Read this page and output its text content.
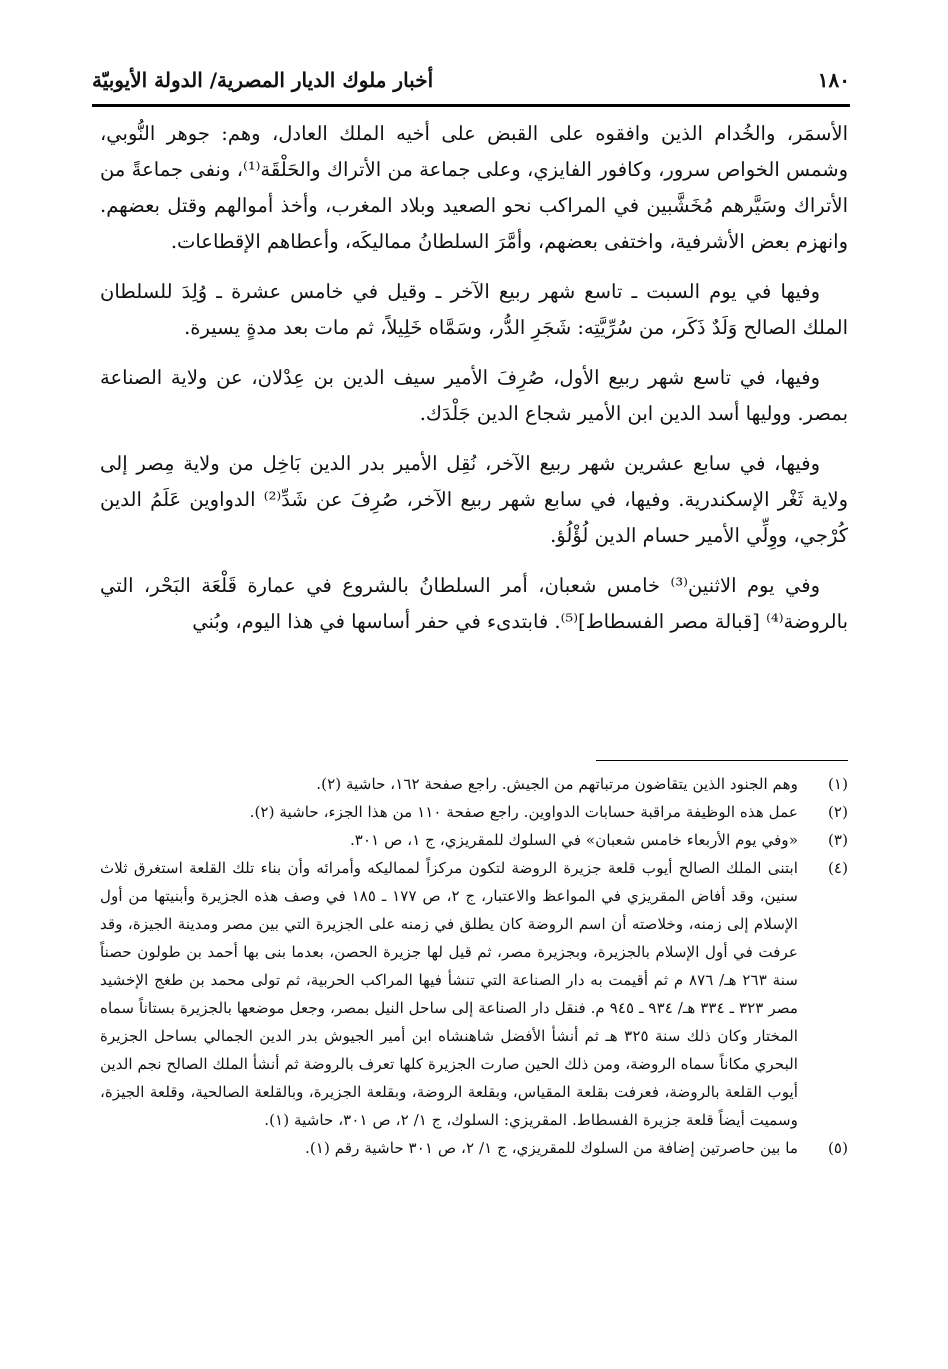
١٨٠
أخبار ملوك الديار المصرية/ الدولة الأيوبيّة

الأسمَر، والخُدام الذين وافقوه على القبض على أخيه الملك العادل، وهم: جوهر النُّوبي، وشمس الخواص سرور، وكافور الفايزي، وعلى جماعة من الأتراك والحَلْقَة⁽¹⁾، ونفى جماعةً من الأتراك وسَيَّرهم مُخَشَّبين في المراكب نحو الصعيد وبلاد المغرب، وأخذ أموالهم وقتل بعضهم. وانهزم بعض الأشرفية، واختفى بعضهم، وأمَّرَ السلطانُ مماليكَه، وأعطاهم الإقطاعات.

وفيها في يوم السبت ـ تاسع شهر ربيع الآخر ـ وقيل في خامس عشرة ـ وُلِدَ للسلطان الملك الصالح وَلَدٌ ذَكَر، من سُرِّيَّتِه: شَجَرِ الدُّر، وسَمَّاه خَلِيلاً، ثم مات بعد مدةٍ يسيرة.

وفيها، في تاسع شهر ربيع الأول، صُرِفَ الأمير سيف الدين بن عِدْلان، عن ولاية الصناعة بمصر. ووليها أسد الدين ابن الأمير شجاع الدين جَلْدَك.

وفيها، في سابع عشرين شهر ربيع الآخر، نُقِل الأمير بدر الدين بَاخِل من ولاية مِصر إلى ولاية ثَغْر الإسكندرية. وفيها، في سابع شهر ربيع الآخر، صُرِفَ عن شَدِّ⁽²⁾ الدواوين عَلَمُ الدين كُرْجي، ووِلِّي الأمير حسام الدين لُؤْلُؤ.

وفي يوم الاثنين⁽³⁾ خامس شعبان، أمر السلطانُ بالشروع في عمارة قَلْعَة البَحْر، التي بالروضة⁽⁴⁾ [قبالة مصر الفسطاط]⁽⁵⁾. فابتدىء في حفر أساسها في هذا اليوم، وبُني

(١)
وهم الجنود الذين يتقاضون مرتباتهم من الجيش. راجع صفحة ١٦٢، حاشية (٢).
(٢)
عمل هذه الوظيفة مراقبة حسابات الدواوين. راجع صفحة ١١٠ من هذا الجزء، حاشية (٢).
(٣)
«وفي يوم الأربعاء خامس شعبان» في السلوك للمقريزي، ج ١، ص ٣٠١.
(٤)
ابتنى الملك الصالح أيوب قلعة جزيرة الروضة لتكون مركزاً لمماليكه وأمرائه وأن بناء تلك القلعة استغرق ثلاث سنين، وقد أفاض المقريزي في المواعظ والاعتبار، ج ٢، ص ١٧٧ ـ ١٨٥ في وصف هذه الجزيرة وأبنيتها من أول الإسلام إلى زمنه، وخلاصته أن اسم الروضة كان يطلق في زمنه على الجزيرة التي بين مصر ومدينة الجيزة، وقد عرفت في أول الإسلام بالجزيرة، وبجزيرة مصر، ثم قيل لها جزيرة الحصن، بعدما بنى بها أحمد بن طولون حصناً سنة ٢٦٣ هـ/ ٨٧٦ م ثم أقيمت به دار الصناعة التي تنشأ فيها المراكب الحربية، ثم تولى محمد بن طغج الإخشيد مصر ٣٢٣ ـ ٣٣٤ هـ/ ٩٣٤ ـ ٩٤٥ م. فنقل دار الصناعة إلى ساحل النيل بمصر، وجعل موضعها بالجزيرة بستاناً سماه المختار وكان ذلك سنة ٣٢٥ هـ ثم أنشأ الأفضل شاهنشاه ابن أمير الجيوش بدر الدين الجمالي بساحل الجزيرة البحري مكاناً سماه الروضة، ومن ذلك الحين صارت الجزيرة كلها تعرف بالروضة ثم أنشأ الملك الصالح نجم الدين أيوب القلعة بالروضة، فعرفت بقلعة المقياس، وبقلعة الروضة، وبقلعة الجزيرة، وبالقلعة الصالحية، وقلعة الجيزة، وسميت أيضاً قلعة جزيرة الفسطاط. المقريزي: السلوك، ج ١/ ٢، ص ٣٠١، حاشية (١).
(٥)
ما بين حاصرتين إضافة من السلوك للمقريزي، ج ١/ ٢، ص ٣٠١ حاشية رقم (١).
